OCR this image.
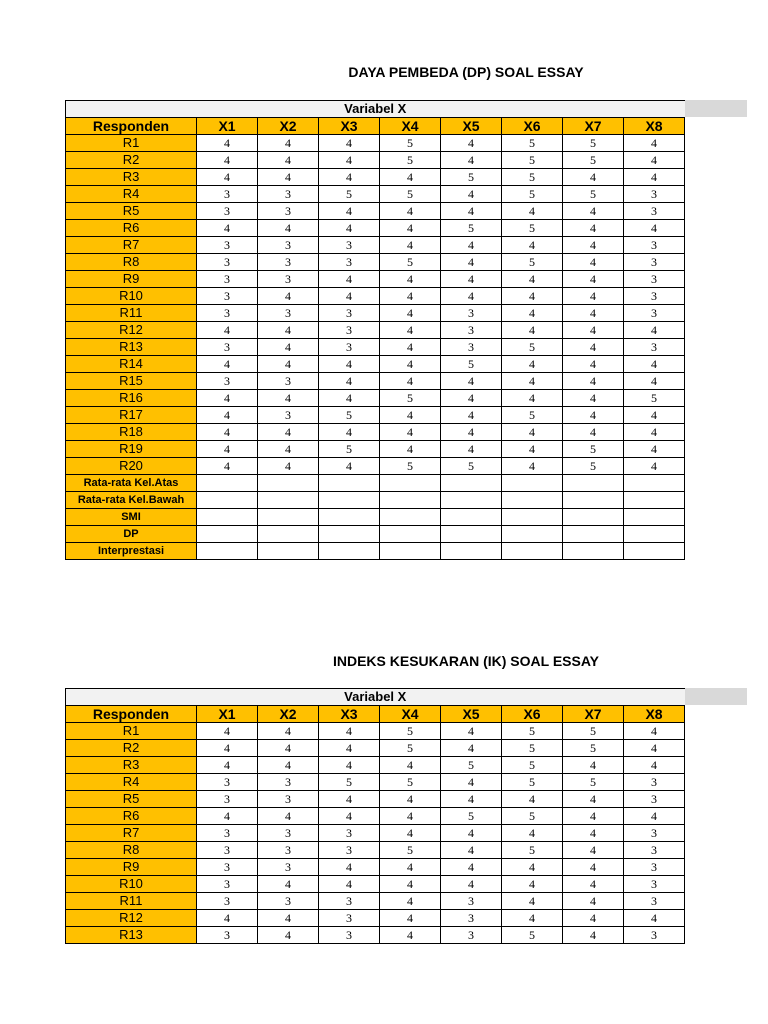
DAYA PEMBEDA (DP) SOAL ESSAY
Variabel X								
Responden	X1	X2	X3	X4	X5	X6	X7	X8
R1	4	4	4	5	4	5	5	4
R2	4	4	4	5	4	5	5	4
R3	4	4	4	4	5	5	4	4
R4	3	3	5	5	4	5	5	3
R5	3	3	4	4	4	4	4	3
R6	4	4	4	4	5	5	4	4
R7	3	3	3	4	4	4	4	3
R8	3	3	3	5	4	5	4	3
R9	3	3	4	4	4	4	4	3
R10	3	4	4	4	4	4	4	3
R11	3	3	3	4	3	4	4	3
R12	4	4	3	4	3	4	4	4
R13	3	4	3	4	3	5	4	3
R14	4	4	4	4	5	4	4	4
R15	3	3	4	4	4	4	4	4
R16	4	4	4	5	4	4	4	5
R17	4	3	5	4	4	5	4	4
R18	4	4	4	4	4	4	4	4
R19	4	4	5	4	4	4	5	4
R20	4	4	4	5	5	4	5	4
Rata-rata Kel.Atas								
Rata-rata Kel.Bawah								
SMI								
DP								
Interprestasi								
INDEKS KESUKARAN (IK) SOAL ESSAY
Variabel X								
Responden	X1	X2	X3	X4	X5	X6	X7	X8
R1	4	4	4	5	4	5	5	4
R2	4	4	4	5	4	5	5	4
R3	4	4	4	4	5	5	4	4
R4	3	3	5	5	4	5	5	3
R5	3	3	4	4	4	4	4	3
R6	4	4	4	4	5	5	4	4
R7	3	3	3	4	4	4	4	3
R8	3	3	3	5	4	5	4	3
R9	3	3	4	4	4	4	4	3
R10	3	4	4	4	4	4	4	3
R11	3	3	3	4	3	4	4	3
R12	4	4	3	4	3	4	4	4
R13	3	4	3	4	3	5	4	3
